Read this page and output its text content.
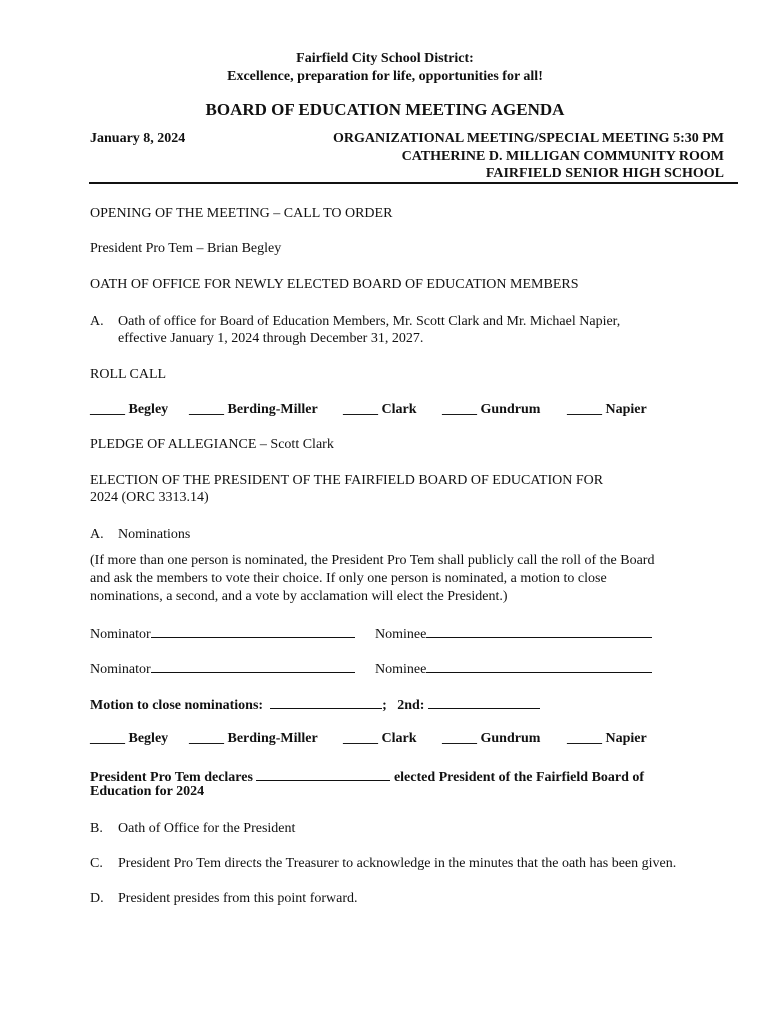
Fairfield City School District:
Excellence, preparation for life, opportunities for all!
BOARD OF EDUCATION MEETING AGENDA
January 8, 2024	ORGANIZATIONAL MEETING/SPECIAL MEETING 5:30 PM
CATHERINE D. MILLIGAN COMMUNITY ROOM
FAIRFIELD SENIOR HIGH SCHOOL
OPENING OF THE MEETING – CALL TO ORDER
President Pro Tem – Brian Begley
OATH OF OFFICE FOR NEWLY ELECTED BOARD OF EDUCATION MEMBERS
A. Oath of office for Board of Education Members, Mr. Scott Clark and Mr. Michael Napier,
effective January 1, 2024 through December 31, 2027.
ROLL CALL
_____ Begley _____ Berding-Miller _____ Clark _____ Gundrum _____ Napier
PLEDGE OF ALLEGIANCE – Scott Clark
ELECTION OF THE PRESIDENT OF THE FAIRFIELD BOARD OF EDUCATION FOR
2024 (ORC 3313.14)
A. Nominations
(If more than one person is nominated, the President Pro Tem shall publicly call the roll of the Board
and ask the members to vote their choice. If only one person is nominated, a motion to close
nominations, a second, and a vote by acclamation will elect the President.)
Nominator	Nominee
Nominator	Nominee
Motion to close nominations:	; 2nd:
_____ Begley _____ Berding-Miller _____ Clark _____ Gundrum _____ Napier
President Pro Tem declares	elected President of the Fairfield Board of
Education for 2024
B. Oath of Office for the President
C. President Pro Tem directs the Treasurer to acknowledge in the minutes that the oath has been given.
D. President presides from this point forward.
